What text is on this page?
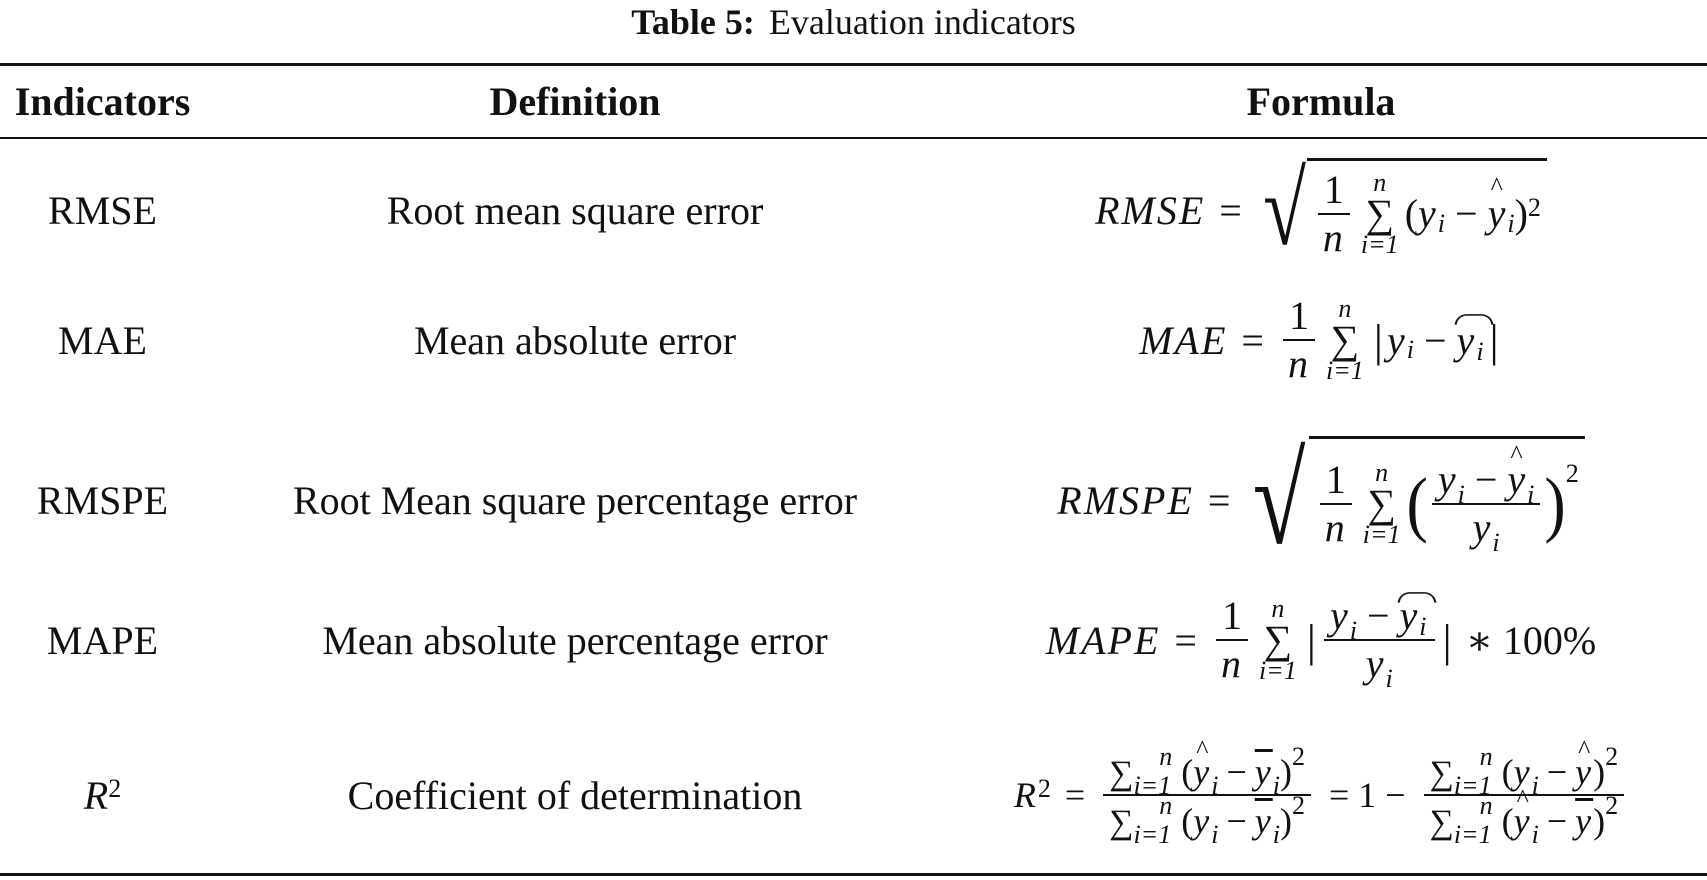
Table 5: Evaluation indicators
Indicators	Definition	Formula
RMSE	Root mean square error	RMSE = √ $\frac{1}{n}$ n
∑
i=1
( y i − ^ y i ) 2
MAE	Mean absolute error	MAE = $\frac{1}{n}$ n
∑
i=1
| y i − yi |
RMSPE	Root Mean square percentage error	RMSPE = √ $\frac{1}{n}$ n
∑
i=1 ( $\frac{y_i - \^{} y_i}{y_i}$ ) 2
MAPE	Mean absolute percentage error	MAPE = $\frac{1}{n}$ n
∑
i=1
| $\frac{y_i - yi}{y_i}$ | ∗ 100%
R 2	Coefficient of determination	R $2 = \frac{\sum_{i=1}^n (\^{} y_i - \overline{y}_i)^2}{\sum_{i=1}^n (y_i - \overline{y}_i)^2} = 1 - \frac{\sum_{i=1}^n (y_i - \^{} y)^2}{\sum_{i=1}^n (\^{} y_i - \overline{y})^2}$
